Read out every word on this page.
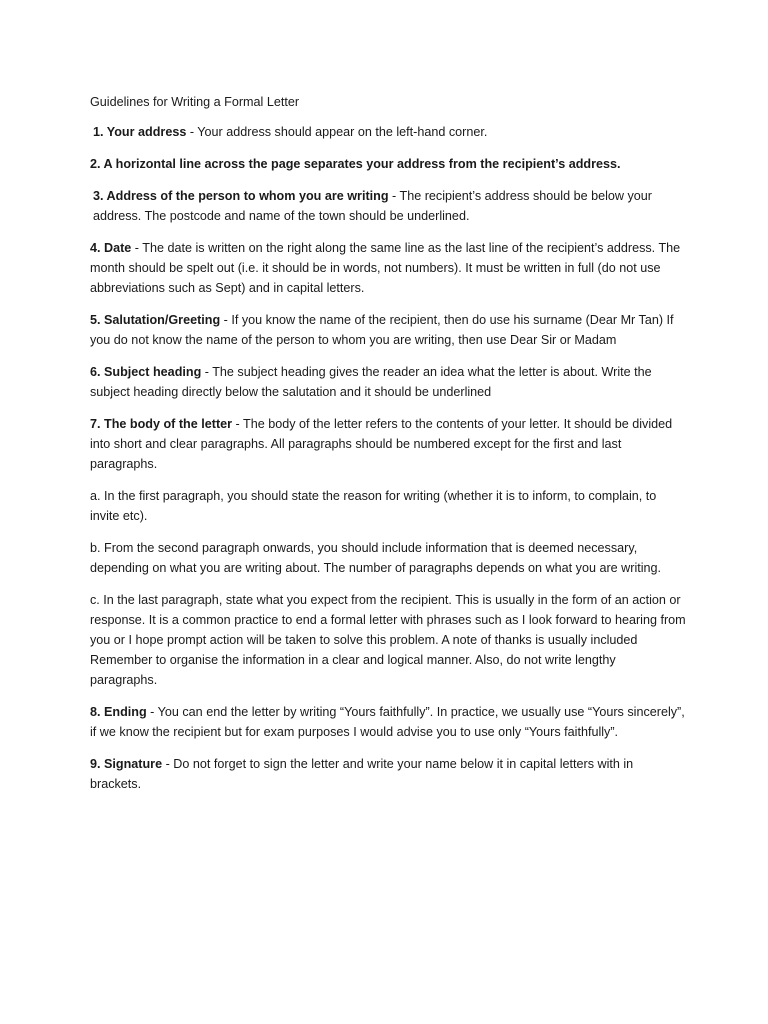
Guidelines for Writing a Formal Letter

1. Your address - Your address should appear on the left-hand corner.

2. A horizontal line across the page separates your address from the recipient’s address.

3. Address of the person to whom you are writing - The recipient’s address should be below your address. The postcode and name of the town should be underlined.

4. Date - The date is written on the right along the same line as the last line of the recipient’s address. The month should be spelt out (i.e. it should be in words, not numbers). It must be written in full (do not use abbreviations such as Sept) and in capital letters.

5. Salutation/Greeting - If you know the name of the recipient, then do use his surname (Dear Mr Tan) If you do not know the name of the person to whom you are writing, then use Dear Sir or Madam

6. Subject heading - The subject heading gives the reader an idea what the letter is about. Write the subject heading directly below the salutation and it should be underlined

7. The body of the letter - The body of the letter refers to the contents of your letter. It should be divided into short and clear paragraphs. All paragraphs should be numbered except for the first and last paragraphs.

a. In the first paragraph, you should state the reason for writing (whether it is to inform, to complain, to invite etc).

b. From the second paragraph onwards, you should include information that is deemed necessary, depending on what you are writing about. The number of paragraphs depends on what you are writing.

c. In the last paragraph, state what you expect from the recipient. This is usually in the form of an action or response. It is a common practice to end a formal letter with phrases such as I look forward to hearing from you or I hope prompt action will be taken to solve this problem. A note of thanks is usually included Remember to organise the information in a clear and logical manner. Also, do not write lengthy paragraphs.

8. Ending - You can end the letter by writing “Yours faithfully”. In practice, we usually use “Yours sincerely”, if we know the recipient but for exam purposes I would advise you to use only “Yours faithfully”.

9. Signature - Do not forget to sign the letter and write your name below it in capital letters with in brackets.
